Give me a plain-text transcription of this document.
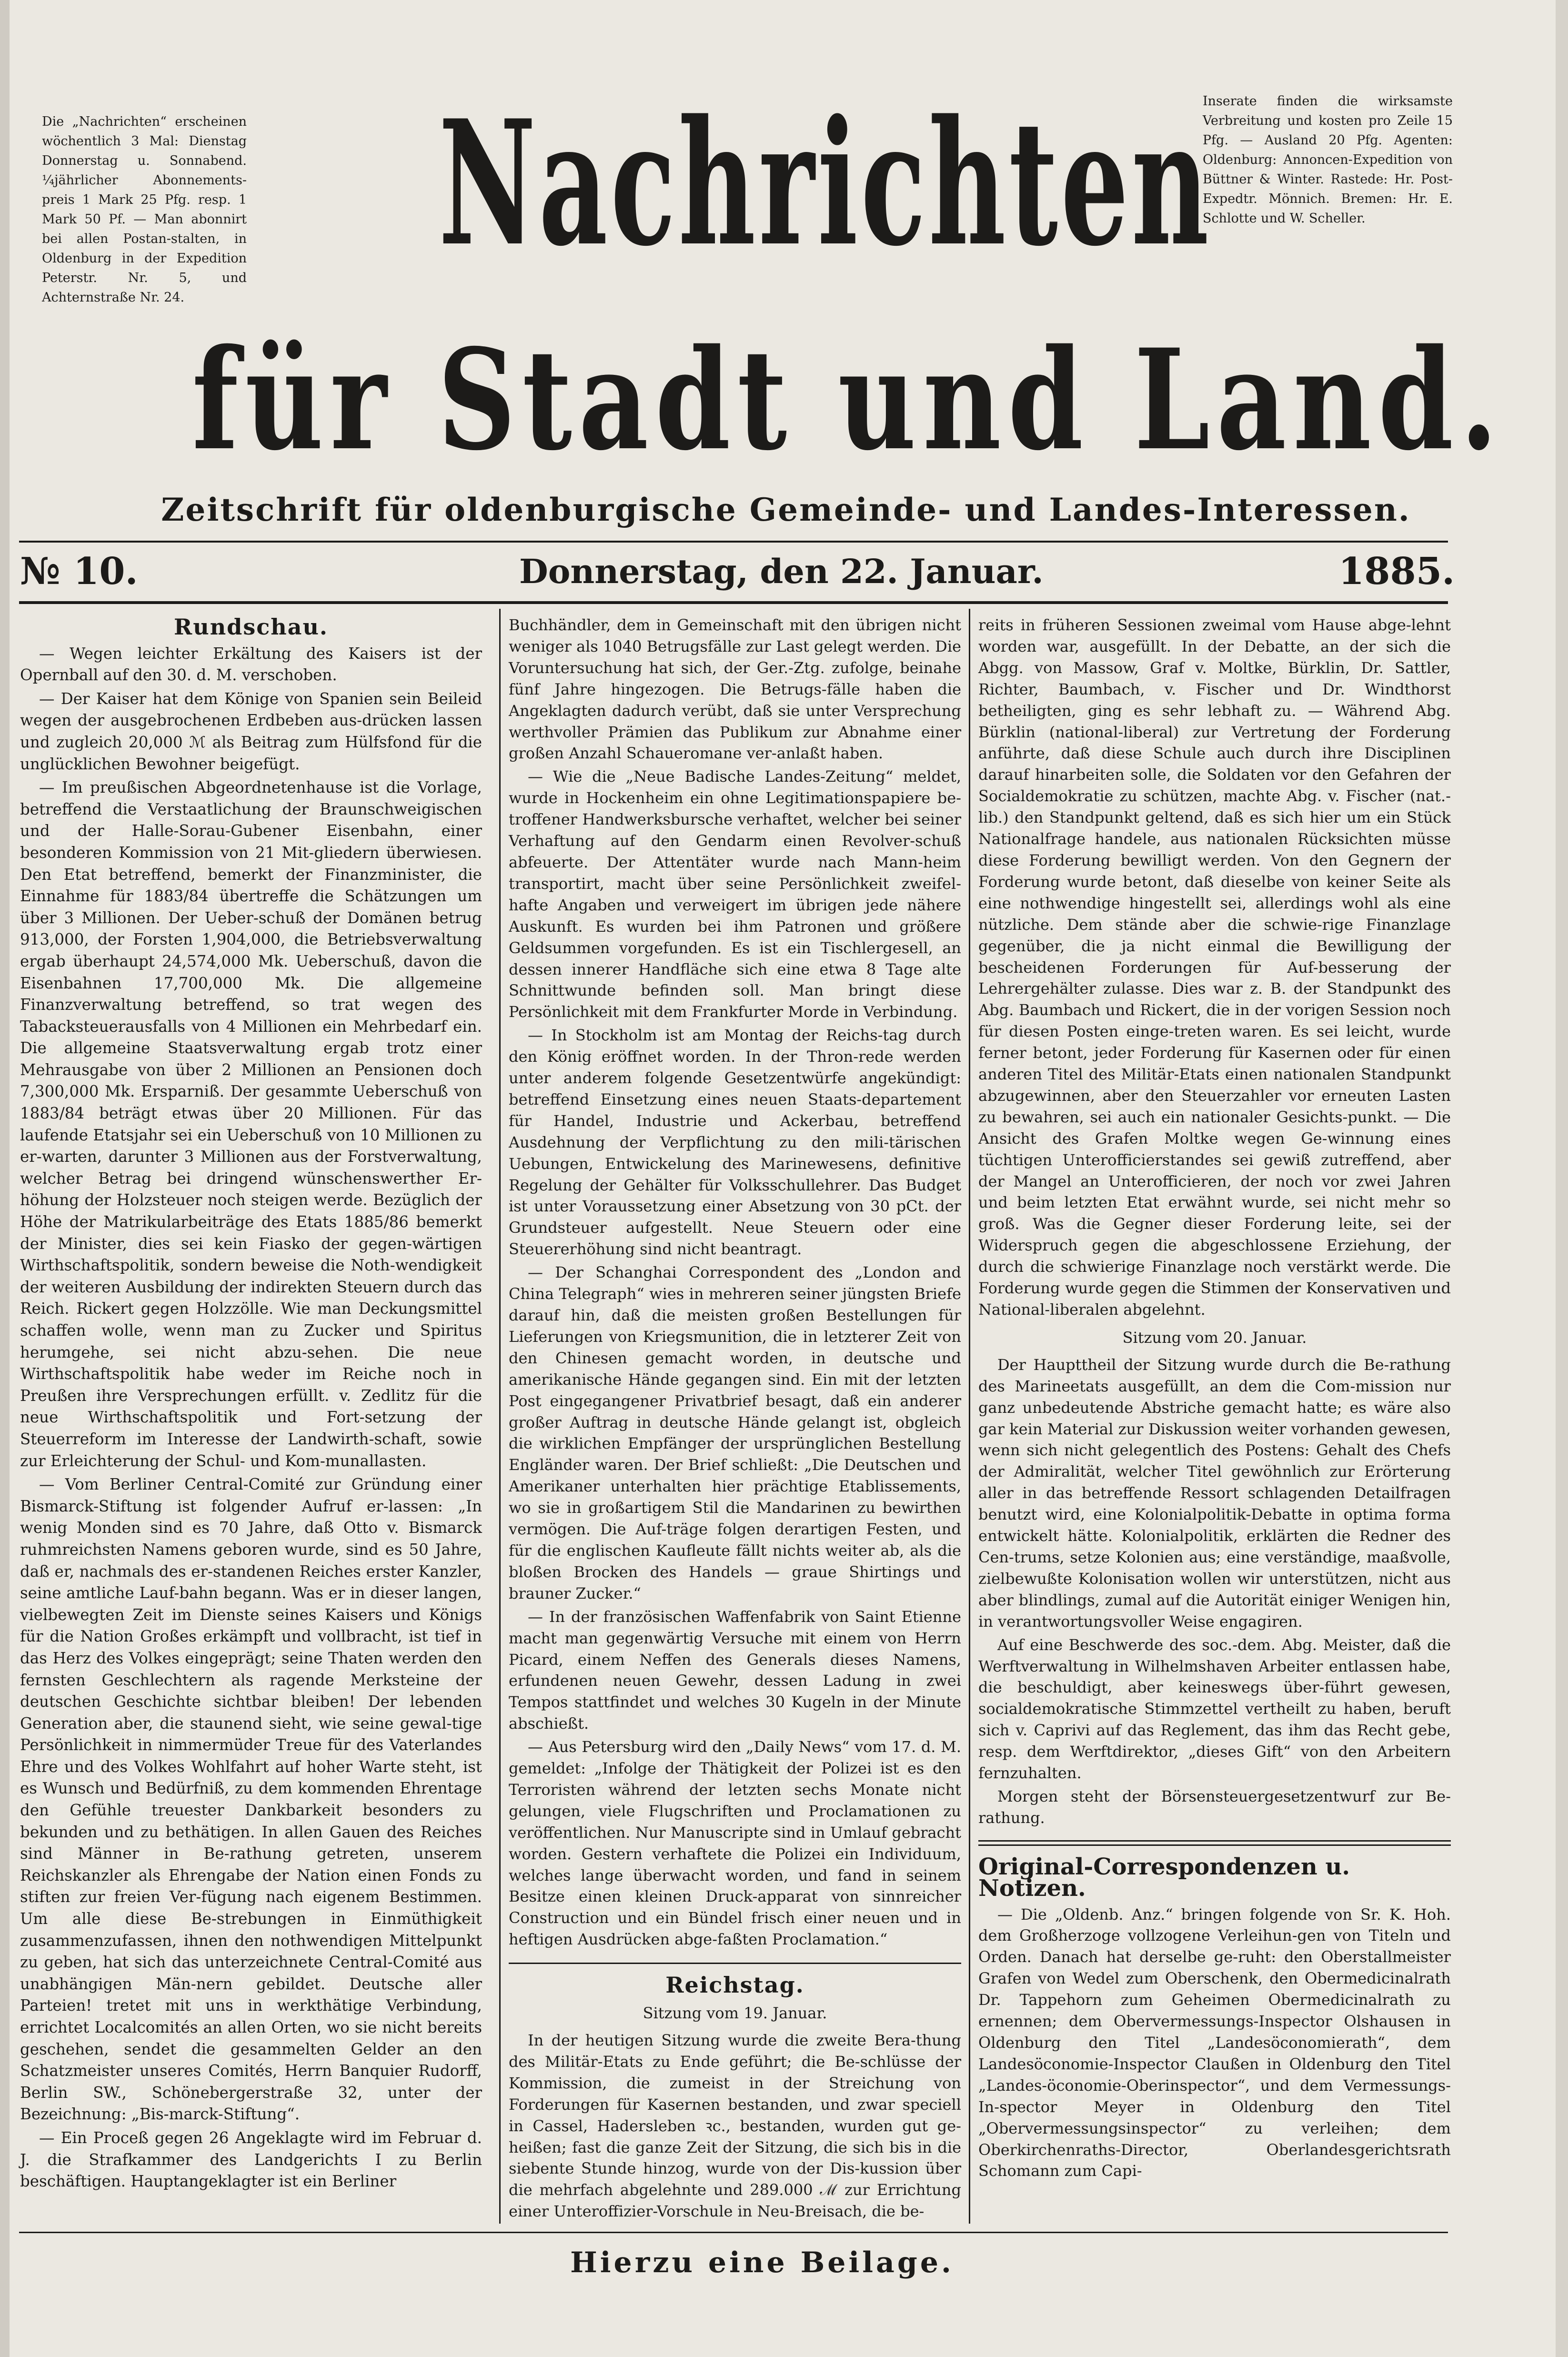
Die „Nachrichten“ erscheinen wöchentlich 3 Mal: Dienstag Donnerstag u. Sonnabend. ¼jährlicher Abonnements-preis 1 Mark 25 Pfg. resp. 1 Mark 50 Pf. — Man abonnirt bei allen Postan-stalten, in Oldenburg in der Expedition Peterstr. Nr. 5, und Achternstraße Nr. 24.
Inserate finden die wirksamste Verbreitung und kosten pro Zeile 15 Pfg. — Ausland 20 Pfg. Agenten: Oldenburg: Annoncen-Expedition von Büttner & Winter. Rastede: Hr. Post-Expedtr. Mönnich. Bremen: Hr. E. Schlotte und W. Scheller.
Nachrichten
für Stadt und Land.
Zeitschrift für oldenburgische Gemeinde- und Landes-Interessen.
№ 10.	Donnerstag, den 22. Januar.	1885.
Rundschau.

— Wegen leichter Erkältung des Kaisers ist der Opernball auf den 30. d. M. verschoben.

— Der Kaiser hat dem Könige von Spanien sein Beileid wegen der ausgebrochenen Erdbeben aus-drücken lassen und zugleich 20,000 ℳ als Beitrag zum Hülfsfond für die unglücklichen Bewohner beigefügt.

— Im preußischen Abgeordnetenhause ist die Vorlage, betreffend die Verstaatlichung der Braunschweigischen und der Halle-Sorau-Gubener Eisenbahn, einer besonderen Kommission von 21 Mit-gliedern überwiesen. Den Etat betreffend, bemerkt der Finanzminister, die Einnahme für 1883/84 übertreffe die Schätzungen um über 3 Millionen. Der Ueber-schuß der Domänen betrug 913,000, der Forsten 1,904,000, die Betriebsverwaltung ergab überhaupt 24,574,000 Mk. Ueberschuß, davon die Eisenbahnen 17,700,000 Mk. Die allgemeine Finanzverwaltung betreffend, so trat wegen des Tabacksteuerausfalls von 4 Millionen ein Mehrbedarf ein. Die allgemeine Staatsverwaltung ergab trotz einer Mehrausgabe von über 2 Millionen an Pensionen doch 7,300,000 Mk. Ersparniß. Der gesammte Ueberschuß von 1883/84 beträgt etwas über 20 Millionen. Für das laufende Etatsjahr sei ein Ueberschuß von 10 Millionen zu er-warten, darunter 3 Millionen aus der Forstverwaltung, welcher Betrag bei dringend wünschenswerther Er-höhung der Holzsteuer noch steigen werde. Bezüglich der Höhe der Matrikularbeiträge des Etats 1885/86 bemerkt der Minister, dies sei kein Fiasko der gegen-wärtigen Wirthschaftspolitik, sondern beweise die Noth-wendigkeit der weiteren Ausbildung der indirekten Steuern durch das Reich. Rickert gegen Holzzölle. Wie man Deckungsmittel schaffen wolle, wenn man zu Zucker und Spiritus herumgehe, sei nicht abzu-sehen. Die neue Wirthschaftspolitik habe weder im Reiche noch in Preußen ihre Versprechungen erfüllt. v. Zedlitz für die neue Wirthschaftspolitik und Fort-setzung der Steuerreform im Interesse der Landwirth-schaft, sowie zur Erleichterung der Schul- und Kom-munallasten.

— Vom Berliner Central-Comité zur Gründung einer Bismarck-Stiftung ist folgender Aufruf er-lassen: „In wenig Monden sind es 70 Jahre, daß Otto v. Bismarck ruhmreichsten Namens geboren wurde, sind es 50 Jahre, daß er, nachmals des er-standenen Reiches erster Kanzler, seine amtliche Lauf-bahn begann. Was er in dieser langen, vielbewegten Zeit im Dienste seines Kaisers und Königs für die Nation Großes erkämpft und vollbracht, ist tief in das Herz des Volkes eingeprägt; seine Thaten werden den fernsten Geschlechtern als ragende Merksteine der deutschen Geschichte sichtbar bleiben! Der lebenden Generation aber, die staunend sieht, wie seine gewal-tige Persönlichkeit in nimmermüder Treue für des Vaterlandes Ehre und des Volkes Wohlfahrt auf hoher Warte steht, ist es Wunsch und Bedürfniß, zu dem kommenden Ehrentage den Gefühle treuester Dankbarkeit besonders zu bekunden und zu bethätigen. In allen Gauen des Reiches sind Männer in Be-rathung getreten, unserem Reichskanzler als Ehrengabe der Nation einen Fonds zu stiften zur freien Ver-fügung nach eigenem Bestimmen. Um alle diese Be-strebungen in Einmüthigkeit zusammenzufassen, ihnen den nothwendigen Mittelpunkt zu geben, hat sich das unterzeichnete Central-Comité aus unabhängigen Män-nern gebildet. Deutsche aller Parteien! tretet mit uns in werkthätige Verbindung, errichtet Localcomités an allen Orten, wo sie nicht bereits geschehen, sendet die gesammelten Gelder an den Schatzmeister unseres Comités, Herrn Banquier Rudorff, Berlin SW., Schönebergerstraße 32, unter der Bezeichnung: „Bis-marck-Stiftung“.

— Ein Proceß gegen 26 Angeklagte wird im Februar d. J. die Strafkammer des Landgerichts I zu Berlin beschäftigen. Hauptangeklagter ist ein Berliner

Buchhändler, dem in Gemeinschaft mit den übrigen nicht weniger als 1040 Betrugsfälle zur Last gelegt werden. Die Voruntersuchung hat sich, der Ger.-Ztg. zufolge, beinahe fünf Jahre hingezogen. Die Betrugs-fälle haben die Angeklagten dadurch verübt, daß sie unter Versprechung werthvoller Prämien das Publikum zur Abnahme einer großen Anzahl Schaueromane ver-anlaßt haben.

— Wie die „Neue Badische Landes-Zeitung“ meldet, wurde in Hockenheim ein ohne Legitimationspapiere be-troffener Handwerksbursche verhaftet, welcher bei seiner Verhaftung auf den Gendarm einen Revolver-schuß abfeuerte. Der Attentäter wurde nach Mann-heim transportirt, macht über seine Persönlichkeit zweifel-hafte Angaben und verweigert im übrigen jede nähere Auskunft. Es wurden bei ihm Patronen und größere Geldsummen vorgefunden. Es ist ein Tischlergesell, an dessen innerer Handfläche sich eine etwa 8 Tage alte Schnittwunde befinden soll. Man bringt diese Persönlichkeit mit dem Frankfurter Morde in Verbindung.

— In Stockholm ist am Montag der Reichs-tag durch den König eröffnet worden. In der Thron-rede werden unter anderem folgende Gesetzentwürfe angekündigt: betreffend Einsetzung eines neuen Staats-departement für Handel, Industrie und Ackerbau, betreffend Ausdehnung der Verpflichtung zu den mili-tärischen Uebungen, Entwickelung des Marinewesens, definitive Regelung der Gehälter für Volksschullehrer. Das Budget ist unter Voraussetzung einer Absetzung von 30 pCt. der Grundsteuer aufgestellt. Neue Steuern oder eine Steuererhöhung sind nicht beantragt.

— Der Schanghai Correspondent des „London and China Telegraph“ wies in mehreren seiner jüngsten Briefe darauf hin, daß die meisten großen Bestellungen für Lieferungen von Kriegsmunition, die in letzterer Zeit von den Chinesen gemacht worden, in deutsche und amerikanische Hände gegangen sind. Ein mit der letzten Post eingegangener Privatbrief besagt, daß ein anderer großer Auftrag in deutsche Hände gelangt ist, obgleich die wirklichen Empfänger der ursprünglichen Bestellung Engländer waren. Der Brief schließt: „Die Deutschen und Amerikaner unterhalten hier prächtige Etablissements, wo sie in großartigem Stil die Mandarinen zu bewirthen vermögen. Die Auf-träge folgen derartigen Festen, und für die englischen Kaufleute fällt nichts weiter ab, als die bloßen Brocken des Handels — graue Shirtings und brauner Zucker.“

— In der französischen Waffenfabrik von Saint Etienne macht man gegenwärtig Versuche mit einem von Herrn Picard, einem Neffen des Generals dieses Namens, erfundenen neuen Gewehr, dessen Ladung in zwei Tempos stattfindet und welches 30 Kugeln in der Minute abschießt.

— Aus Petersburg wird den „Daily News“ vom 17. d. M. gemeldet: „Infolge der Thätigkeit der Polizei ist es den Terroristen während der letzten sechs Monate nicht gelungen, viele Flugschriften und Proclamationen zu veröffentlichen. Nur Manuscripte sind in Umlauf gebracht worden. Gestern verhaftete die Polizei ein Individuum, welches lange überwacht worden, und fand in seinem Besitze einen kleinen Druck-apparat von sinnreicher Construction und ein Bündel frisch einer neuen und in heftigen Ausdrücken abge-faßten Proclamation.“

Reichstag.
Sitzung vom 19. Januar.

In der heutigen Sitzung wurde die zweite Bera-thung des Militär-Etats zu Ende geführt; die Be-schlüsse der Kommission, die zumeist in der Streichung von Forderungen für Kasernen bestanden, und zwar speciell in Cassel, Hadersleben ꝛc., bestanden, wurden gut ge-heißen; fast die ganze Zeit der Sitzung, die sich bis in die siebente Stunde hinzog, wurde von der Dis-kussion über die mehrfach abgelehnte und 289.000 ℳ zur Errichtung einer Unteroffizier-Vorschule in Neu-Breisach, die be-

reits in früheren Sessionen zweimal vom Hause abge-lehnt worden war, ausgefüllt. In der Debatte, an der sich die Abgg. von Massow, Graf v. Moltke, Bürklin, Dr. Sattler, Richter, Baumbach, v. Fischer und Dr. Windthorst betheiligten, ging es sehr lebhaft zu. — Während Abg. Bürklin (national-liberal) zur Vertretung der Forderung anführte, daß diese Schule auch durch ihre Disciplinen darauf hinarbeiten solle, die Soldaten vor den Gefahren der Socialdemokratie zu schützen, machte Abg. v. Fischer (nat.-lib.) den Standpunkt geltend, daß es sich hier um ein Stück Nationalfrage handele, aus nationalen Rücksichten müsse diese Forderung bewilligt werden. Von den Gegnern der Forderung wurde betont, daß dieselbe von keiner Seite als eine nothwendige hingestellt sei, allerdings wohl als eine nützliche. Dem stände aber die schwie-rige Finanzlage gegenüber, die ja nicht einmal die Bewilligung der bescheidenen Forderungen für Auf-besserung der Lehrergehälter zulasse. Dies war z. B. der Standpunkt des Abg. Baumbach und Rickert, die in der vorigen Session noch für diesen Posten einge-treten waren. Es sei leicht, wurde ferner betont, jeder Forderung für Kasernen oder für einen anderen Titel des Militär-Etats einen nationalen Standpunkt abzugewinnen, aber den Steuerzahler vor erneuten Lasten zu bewahren, sei auch ein nationaler Gesichts-punkt. — Die Ansicht des Grafen Moltke wegen Ge-winnung eines tüchtigen Unterofficierstandes sei gewiß zutreffend, aber der Mangel an Unterofficieren, der noch vor zwei Jahren und beim letzten Etat erwähnt wurde, sei nicht mehr so groß. Was die Gegner dieser Forderung leite, sei der Widerspruch gegen die abgeschlossene Erziehung, der durch die schwierige Finanzlage noch verstärkt werde. Die Forderung wurde gegen die Stimmen der Konservativen und National-liberalen abgelehnt.

Sitzung vom 20. Januar.

Der Haupttheil der Sitzung wurde durch die Be-rathung des Marineetats ausgefüllt, an dem die Com-mission nur ganz unbedeutende Abstriche gemacht hatte; es wäre also gar kein Material zur Diskussion weiter vorhanden gewesen, wenn sich nicht gelegentlich des Postens: Gehalt des Chefs der Admiralität, welcher Titel gewöhnlich zur Erörterung aller in das betreffende Ressort schlagenden Detailfragen benutzt wird, eine Kolonialpolitik-Debatte in optima forma entwickelt hätte. Kolonialpolitik, erklärten die Redner des Cen-trums, setze Kolonien aus; eine verständige, maaßvolle, zielbewußte Kolonisation wollen wir unterstützen, nicht aus aber blindlings, zumal auf die Autorität einiger Wenigen hin, in verantwortungsvoller Weise engagiren.

Auf eine Beschwerde des soc.-dem. Abg. Meister, daß die Werftverwaltung in Wilhelmshaven Arbeiter entlassen habe, die beschuldigt, aber keineswegs über-führt gewesen, socialdemokratische Stimmzettel vertheilt zu haben, beruft sich v. Caprivi auf das Reglement, das ihm das Recht gebe, resp. dem Werftdirektor, „dieses Gift“ von den Arbeitern fernzuhalten.

Morgen steht der Börsensteuergesetzentwurf zur Be-rathung.

Original-Correspondenzen u. Notizen.

— Die „Oldenb. Anz.“ bringen folgende von Sr. K. Hoh. dem Großherzoge vollzogene Verleihun-gen von Titeln und Orden. Danach hat derselbe ge-ruht: den Oberstallmeister Grafen von Wedel zum Oberschenk, den Obermedicinalrath Dr. Tappehorn zum Geheimen Obermedicinalrath zu ernennen; dem Obervermessungs-Inspector Olshausen in Oldenburg den Titel „Landesöconomierath“, dem Landesöconomie-Inspector Claußen in Oldenburg den Titel „Landes-öconomie-Oberinspector“, und dem Vermessungs-In-spector Meyer in Oldenburg den Titel „Obervermessungsinspector“ zu verleihen; dem Oberkirchenraths-Director, Oberlandesgerichtsrath Schomann zum Capi-

Hierzu eine Beilage.
